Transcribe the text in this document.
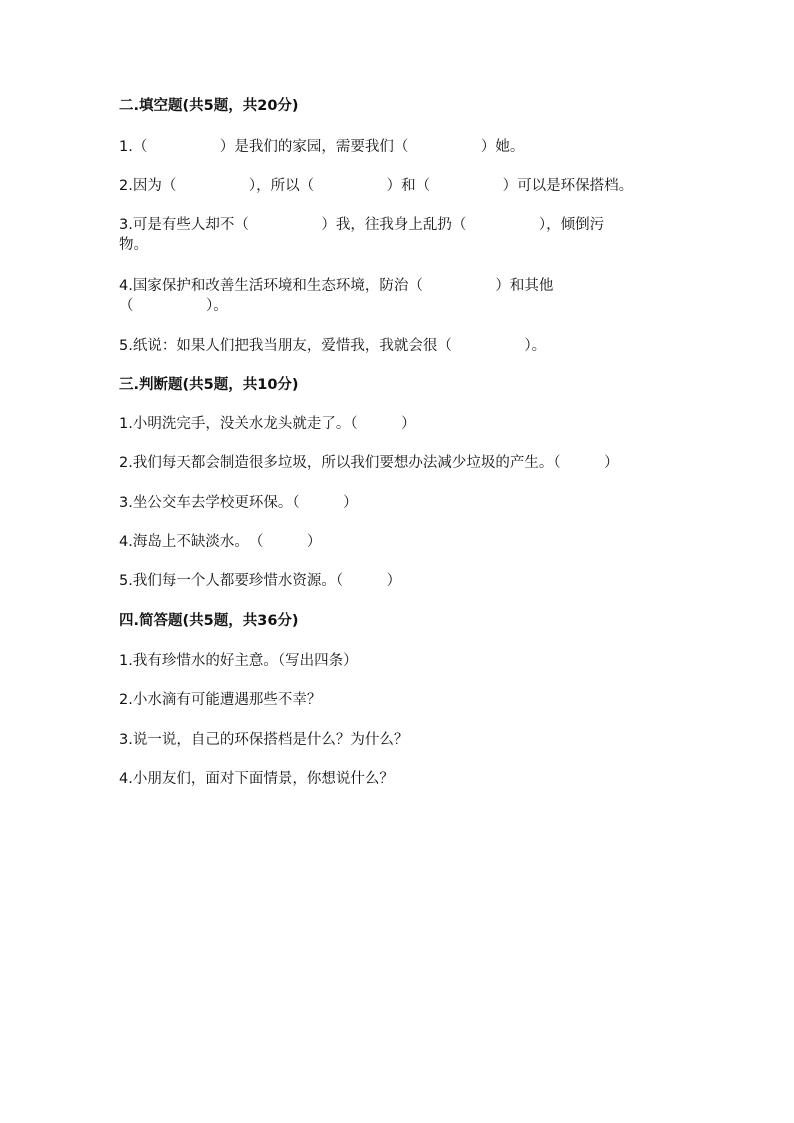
二.填空题(共5题，共20分)
1.（　　　　　）是我们的家园，需要我们（　　　　　）她。
2.因为（　　　　　），所以（　　　　　）和（　　　　　）可以是环保搭档。
3.可是有些人却不（　　　　　）我，往我身上乱扔（　　　　　），倾倒污
物。
4.国家保护和改善生活环境和生态环境，防治（　　　　　）和其他
（　　　　　）。
5.纸说：如果人们把我当朋友，爱惜我，我就会很（　　　　　）。
三.判断题(共5题，共10分)
1.小明洗完手，没关水龙头就走了。（　　　）
2.我们每天都会制造很多垃圾，所以我们要想办法减少垃圾的产生。（　　　）
3.坐公交车去学校更环保。（　　　）
4.海岛上不缺淡水。　（　　　）
5.我们每一个人都要珍惜水资源。（　　　）
四.简答题(共5题，共36分)
1.我有珍惜水的好主意。（写出四条）
2.小水滴有可能遭遇那些不幸？
3.说一说，自己的环保搭档是什么？为什么？
4.小朋友们，面对下面情景，你想说什么？
